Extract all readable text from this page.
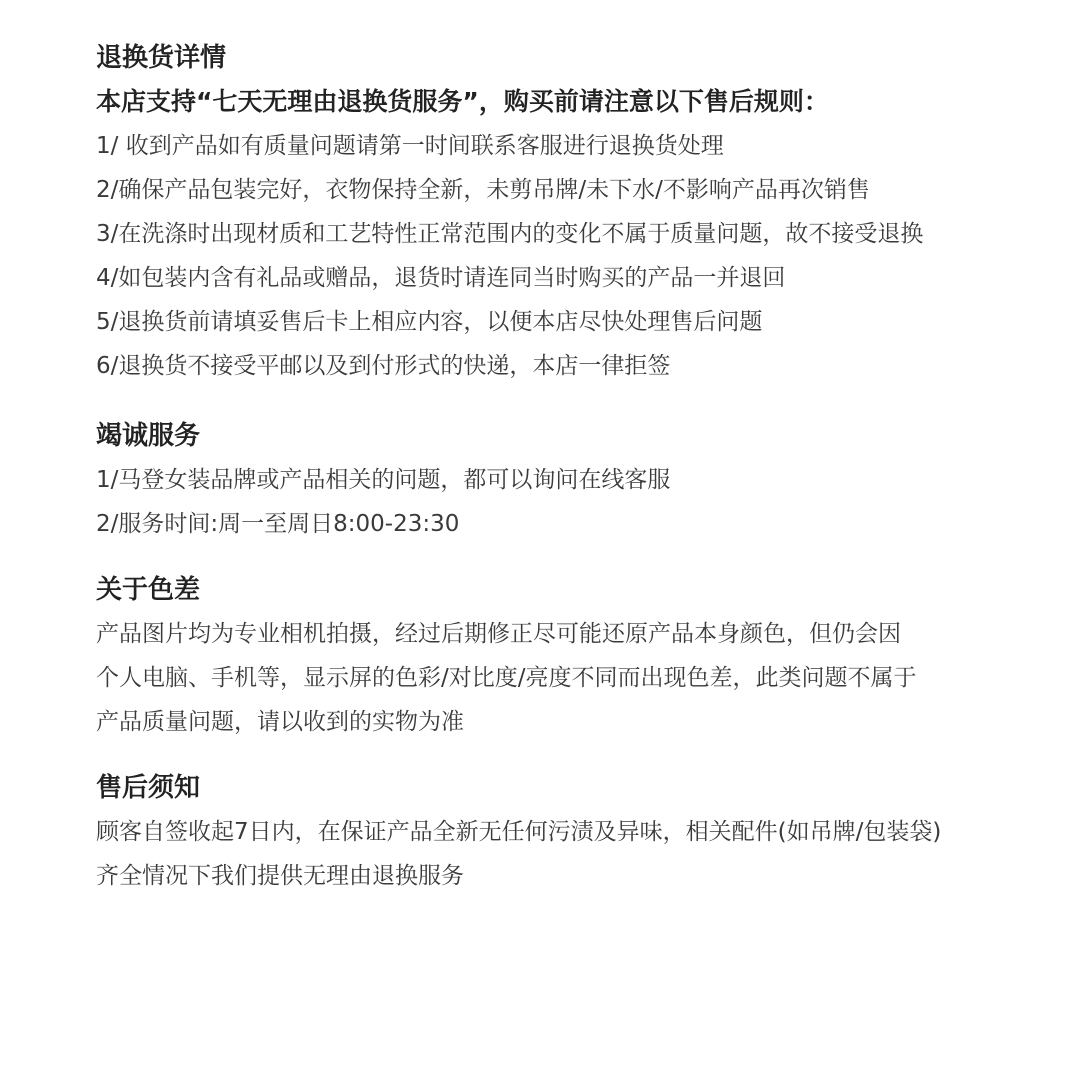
退换货详情
本店支持“七天无理由退换货服务”，购买前请注意以下售后规则：
1/ 收到产品如有质量问题请第一时间联系客服进行退换货处理
2/确保产品包装完好，衣物保持全新，未剪吊牌/未下水/不影响产品再次销售
3/在洗涤时出现材质和工艺特性正常范围内的变化不属于质量问题，故不接受退换
4/如包装内含有礼品或赠品，退货时请连同当时购买的产品一并退回
5/退换货前请填妥售后卡上相应内容，以便本店尽快处理售后问题
6/退换货不接受平邮以及到付形式的快递，本店一律拒签
竭诚服务
1/马登女装品牌或产品相关的问题，都可以询问在线客服
2/服务时间:周一至周日8:00-23:30
关于色差
产品图片均为专业相机拍摄，经过后期修正尽可能还原产品本身颜色，但仍会因
个人电脑、手机等，显示屏的色彩/对比度/亮度不同而出现色差，此类问题不属于
产品质量问题，请以收到的实物为准
售后须知
顾客自签收起7日内，在保证产品全新无任何污渍及异味，相关配件(如吊牌/包装袋)
齐全情况下我们提供无理由退换服务
